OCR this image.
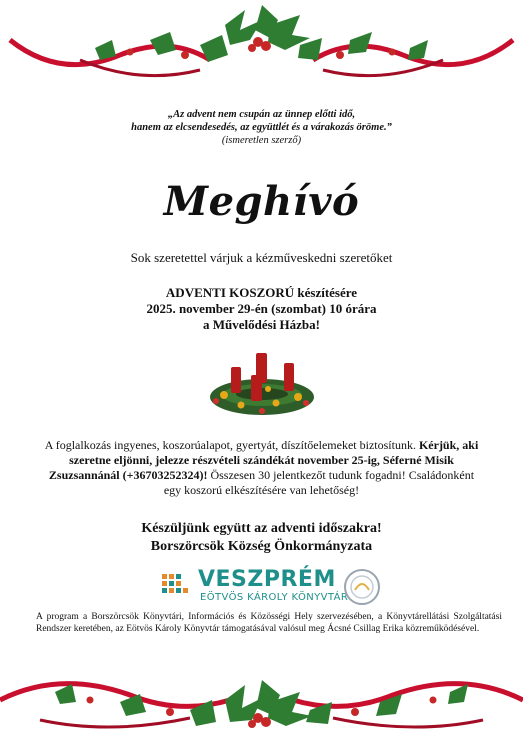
„Az advent nem csupán az ünnep előtti idő,
hanem az elcsendesedés, az együttlét és a várakozás öröme.”
(ismeretlen szerző)
Meghívó
Sok szeretettel várjuk a kézműveskedni szeretőket
ADVENTI KOSZORÚ készítésére
2025. november 29-én (szombat) 10 órára
a Művelődési Házba!
A foglalkozás ingyenes, koszorúalapot, gyertyát, díszítőelemeket biztosítunk. Kérjük, aki szeretne eljönni, jelezze részvételi szándékát november 25-ig, Séferné Misik Zsuzsannánál (+36703252324)! Összesen 30 jelentkezőt tudunk fogadni! Családonként egy koszorú elkészítésére van lehetőség!
Készüljünk együtt az adventi időszakra!
Borszörcsök Község Önkormányzata
VESZPRÉM
EÖTVÖS KÁROLY KÖNYVTÁR
A program a Borszörcsök Könyvtári, Információs és Közösségi Hely szervezésében, a Könyvtárellátási Szolgáltatási Rendszer keretében, az Eötvös Károly Könyvtár támogatásával valósul meg Ácsné Csillag Erika közreműködésével.
